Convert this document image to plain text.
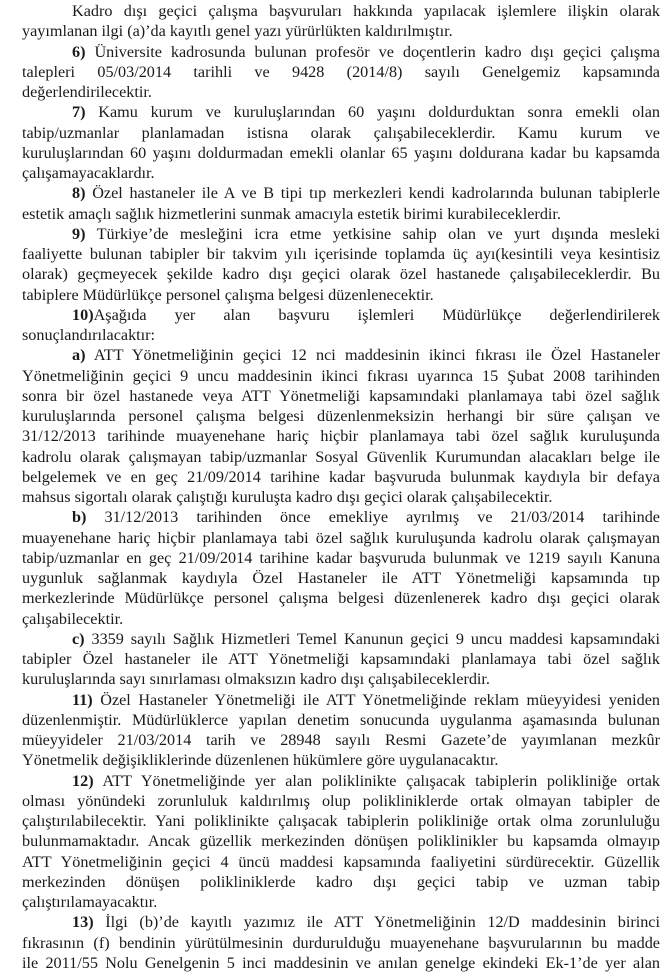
Kadro dışı geçici çalışma başvuruları hakkında yapılacak işlemlere ilişkin olarak
yayımlanan ilgi (a)’da kayıtlı genel yazı yürürlükten kaldırılmıştır.
6) Üniversite kadrosunda bulunan profesör ve doçentlerin kadro dışı geçici çalışma
talepleri 05/03/2014 tarihli ve 9428 (2014/8) sayılı Genelgemiz kapsamında
değerlendirilecektir.
7) Kamu kurum ve kuruluşlarından 60 yaşını doldurduktan sonra emekli olan
tabip/uzmanlar planlamadan istisna olarak çalışabileceklerdir. Kamu kurum ve
kuruluşlarından 60 yaşını doldurmadan emekli olanlar 65 yaşını doldurana kadar bu kapsamda
çalışamayacaklardır.
8) Özel hastaneler ile A ve B tipi tıp merkezleri kendi kadrolarında bulunan tabiplerle
estetik amaçlı sağlık hizmetlerini sunmak amacıyla estetik birimi kurabileceklerdir.
9) Türkiye’de mesleğini icra etme yetkisine sahip olan ve yurt dışında mesleki
faaliyette bulunan tabipler bir takvim yılı içerisinde toplamda üç ayı(kesintili veya kesintisiz
olarak) geçmeyecek şekilde kadro dışı geçici olarak özel hastanede çalışabileceklerdir. Bu
tabiplere Müdürlükçe personel çalışma belgesi düzenlenecektir.
10)Aşağıda yer alan başvuru işlemleri Müdürlükçe değerlendirilerek
sonuçlandırılacaktır:
a) ATT Yönetmeliğinin geçici 12 nci maddesinin ikinci fıkrası ile Özel Hastaneler
Yönetmeliğinin geçici 9 uncu maddesinin ikinci fıkrası uyarınca 15 Şubat 2008 tarihinden
sonra bir özel hastanede veya ATT Yönetmeliği kapsamındaki planlamaya tabi özel sağlık
kuruluşlarında personel çalışma belgesi düzenlenmeksizin herhangi bir süre çalışan ve
31/12/2013 tarihinde muayenehane hariç hiçbir planlamaya tabi özel sağlık kuruluşunda
kadrolu olarak çalışmayan tabip/uzmanlar Sosyal Güvenlik Kurumundan alacakları belge ile
belgelemek ve en geç 21/09/2014 tarihine kadar başvuruda bulunmak kaydıyla bir defaya
mahsus sigortalı olarak çalıştığı kuruluşta kadro dışı geçici olarak çalışabilecektir.
b) 31/12/2013 tarihinden önce emekliye ayrılmış ve 21/03/2014 tarihinde
muayenehane hariç hiçbir planlamaya tabi özel sağlık kuruluşunda kadrolu olarak çalışmayan
tabip/uzmanlar en geç 21/09/2014 tarihine kadar başvuruda bulunmak ve 1219 sayılı Kanuna
uygunluk sağlanmak kaydıyla Özel Hastaneler ile ATT Yönetmeliği kapsamında tıp
merkezlerinde Müdürlükçe personel çalışma belgesi düzenlenerek kadro dışı geçici olarak
çalışabilecektir.
c) 3359 sayılı Sağlık Hizmetleri Temel Kanunun geçici 9 uncu maddesi kapsamındaki
tabipler Özel hastaneler ile ATT Yönetmeliği kapsamındaki planlamaya tabi özel sağlık
kuruluşlarında sayı sınırlaması olmaksızın kadro dışı çalışabileceklerdir.
11) Özel Hastaneler Yönetmeliği ile ATT Yönetmeliğinde reklam müeyyidesi yeniden
düzenlenmiştir. Müdürlüklerce yapılan denetim sonucunda uygulanma aşamasında bulunan
müeyyideler 21/03/2014 tarih ve 28948 sayılı Resmi Gazete’de yayımlanan mezkûr
Yönetmelik değişikliklerinde düzenlenen hükümlere göre uygulanacaktır.
12) ATT Yönetmeliğinde yer alan poliklinikte çalışacak tabiplerin polikliniğe ortak
olması yönündeki zorunluluk kaldırılmış olup polikliniklerde ortak olmayan tabipler de
çalıştırılabilecektir. Yani poliklinikte çalışacak tabiplerin polikliniğe ortak olma zorunluluğu
bulunmamaktadır. Ancak güzellik merkezinden dönüşen poliklinikler bu kapsamda olmayıp
ATT Yönetmeliğinin geçici 4 üncü maddesi kapsamında faaliyetini sürdürecektir. Güzellik
merkezinden dönüşen polikliniklerde kadro dışı geçici tabip ve uzman tabip
çalıştırılamayacaktır.
13) İlgi (b)’de kayıtlı yazımız ile ATT Yönetmeliğinin 12/D maddesinin birinci
fıkrasının (f) bendinin yürütülmesinin durdurulduğu muayenehane başvurularının bu madde
ile 2011/55 Nolu Genelgenin 5 inci maddesinin ve anılan genelge ekindeki Ek-1’de yer alan
